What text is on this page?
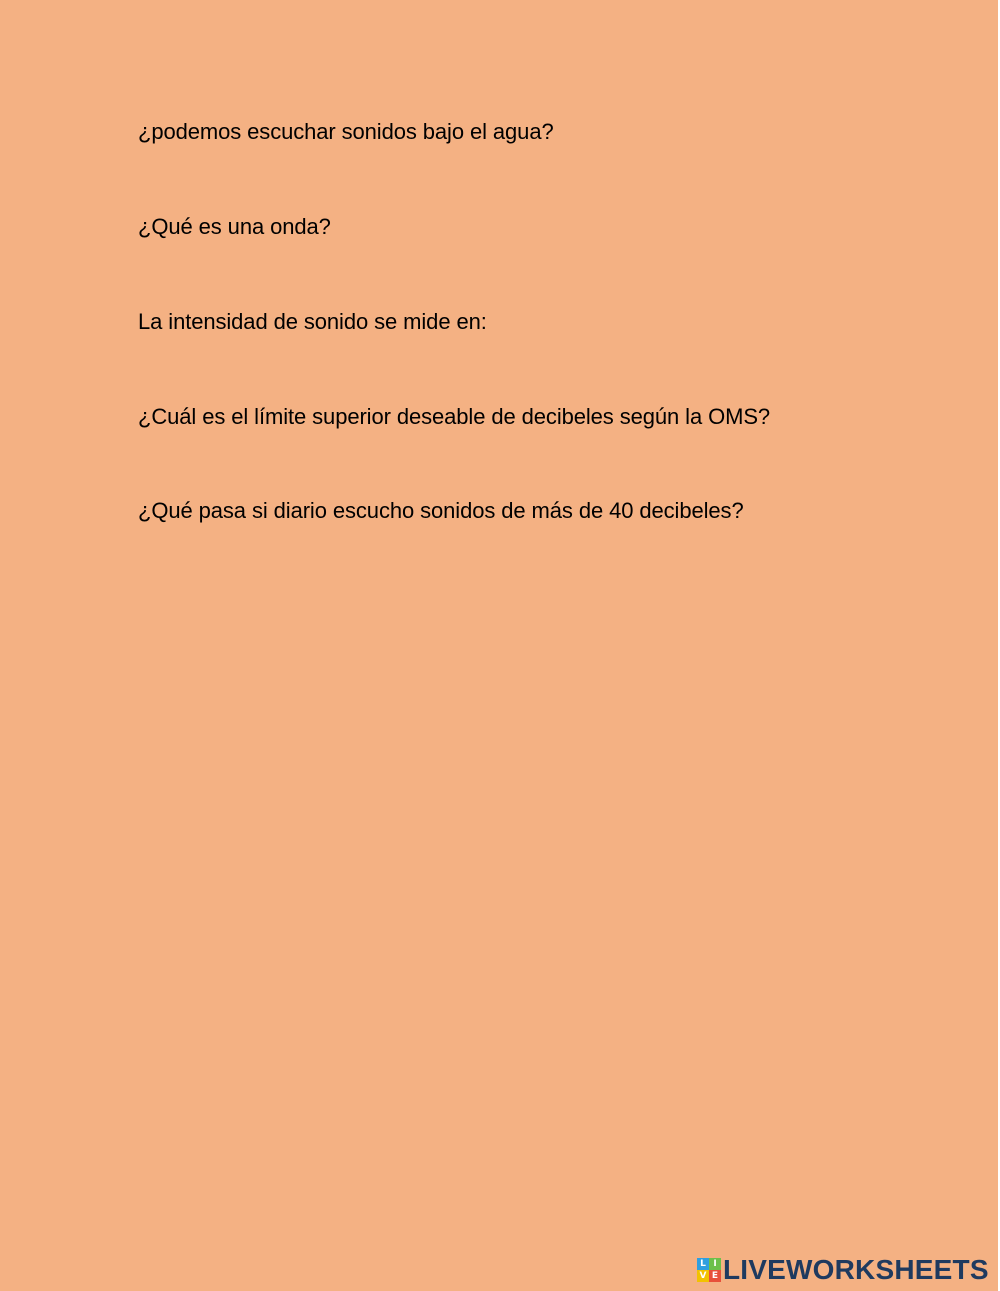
¿podemos escuchar sonidos bajo el agua?

¿Qué es una onda?

La intensidad de sonido se mide en:

¿Cuál es el límite superior deseable de decibeles según la OMS?

¿Qué pasa si diario escucho sonidos de más de 40 decibeles?

L I
V E LIVEWORKSHEETS
